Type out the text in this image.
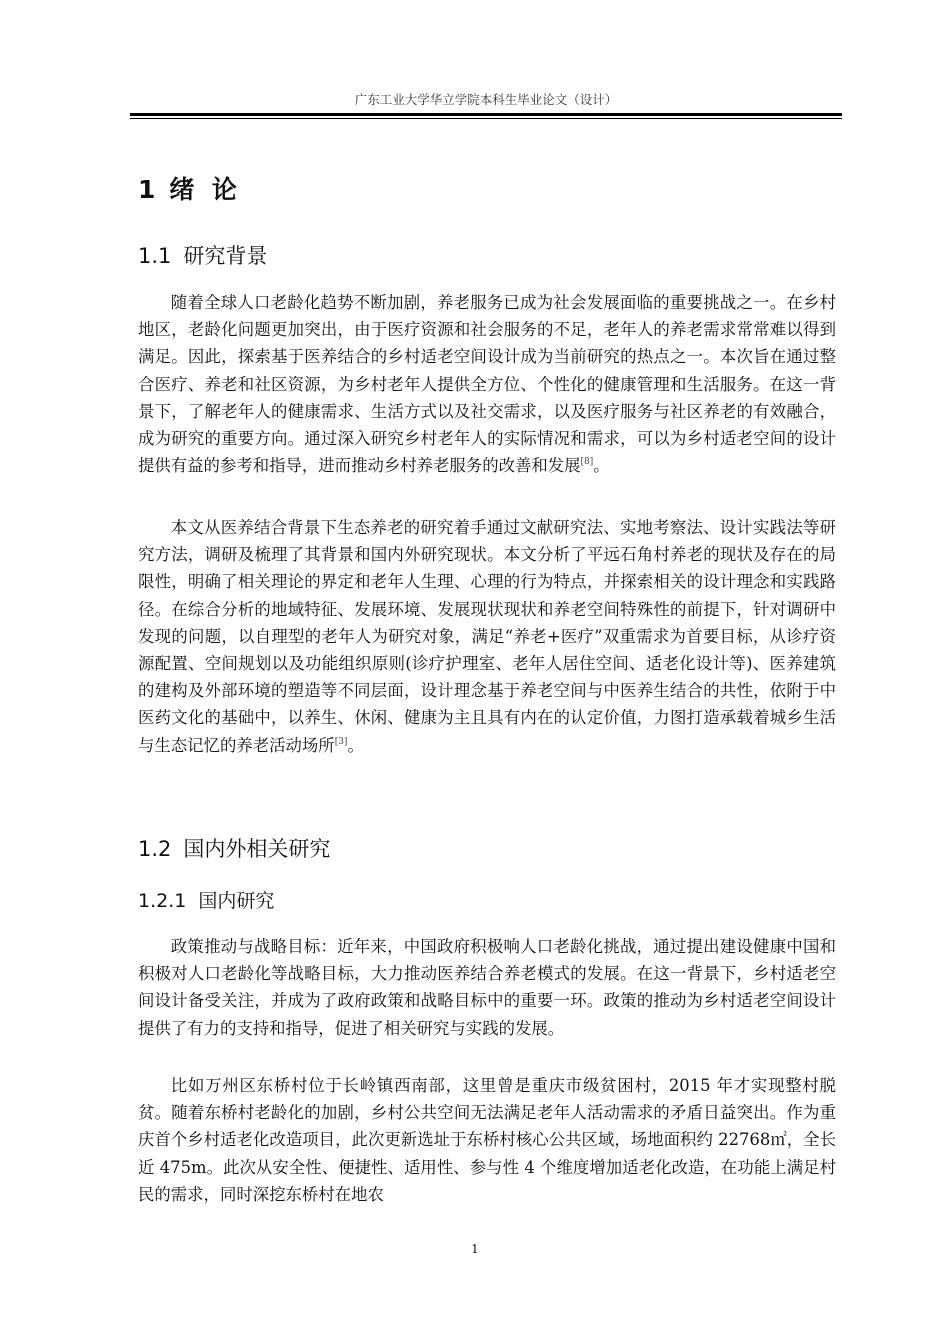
广东工业大学华立学院本科生毕业论文（设计）
1 绪  论
1.1 研究背景

随着全球人口老龄化趋势不断加剧，养老服务已成为社会发展面临的重要挑战之一。在乡村地区，老龄化问题更加突出，由于医疗资源和社会服务的不足，老年人的养老需求常常难以得到满足。因此，探索基于医养结合的乡村适老空间设计成为当前研究的热点之一。本次旨在通过整合医疗、养老和社区资源，为乡村老年人提供全方位、个性化的健康管理和生活服务。在这一背景下，了解老年人的健康需求、生活方式以及社交需求，以及医疗服务与社区养老的有效融合，成为研究的重要方向。通过深入研究乡村老年人的实际情况和需求，可以为乡村适老空间的设计提供有益的参考和指导，进而推动乡村养老服务的改善和发展[8]。

本文从医养结合背景下生态养老的研究着手通过文献研究法、实地考察法、设计实践法等研究方法，调研及梳理了其背景和国内外研究现状。本文分析了平远石角村养老的现状及存在的局限性，明确了相关理论的界定和老年人生理、心理的行为特点，并探索相关的设计理念和实践路径。在综合分析的地域特征、发展环境、发展现状现状和养老空间特殊性的前提下，针对调研中发现的问题，以自理型的老年人为研究对象，满足“养老+医疗”双重需求为首要目标，从诊疗资源配置、空间规划以及功能组织原则(诊疗护理室、老年人居住空间、适老化设计等)、医养建筑的建构及外部环境的塑造等不同层面，设计理念基于养老空间与中医养生结合的共性，依附于中医药文化的基础中，以养生、休闲、健康为主且具有内在的认定价值，力图打造承载着城乡生活与生态记忆的养老活动场所[3]。

1.2 国内外相关研究
1.2.1 国内研究

政策推动与战略目标：近年来，中国政府积极响人口老龄化挑战，通过提出建设健康中国和积极对人口老龄化等战略目标，大力推动医养结合养老模式的发展。在这一背景下，乡村适老空间设计备受关注，并成为了政府政策和战略目标中的重要一环。政策的推动为乡村适老空间设计提供了有力的支持和指导，促进了相关研究与实践的发展。

比如万州区东桥村位于长岭镇西南部，这里曾是重庆市级贫困村，2015 年才实现整村脱贫。随着东桥村老龄化的加剧，乡村公共空间无法满足老年人活动需求的矛盾日益突出。作为重庆首个乡村适老化改造项目，此次更新选址于东桥村核心公共区域，场地面积约 22768㎡，全长近 475m。此次从安全性、便捷性、适用性、参与性 4 个维度增加适老化改造，在功能上满足村民的需求，同时深挖东桥村在地农

1
